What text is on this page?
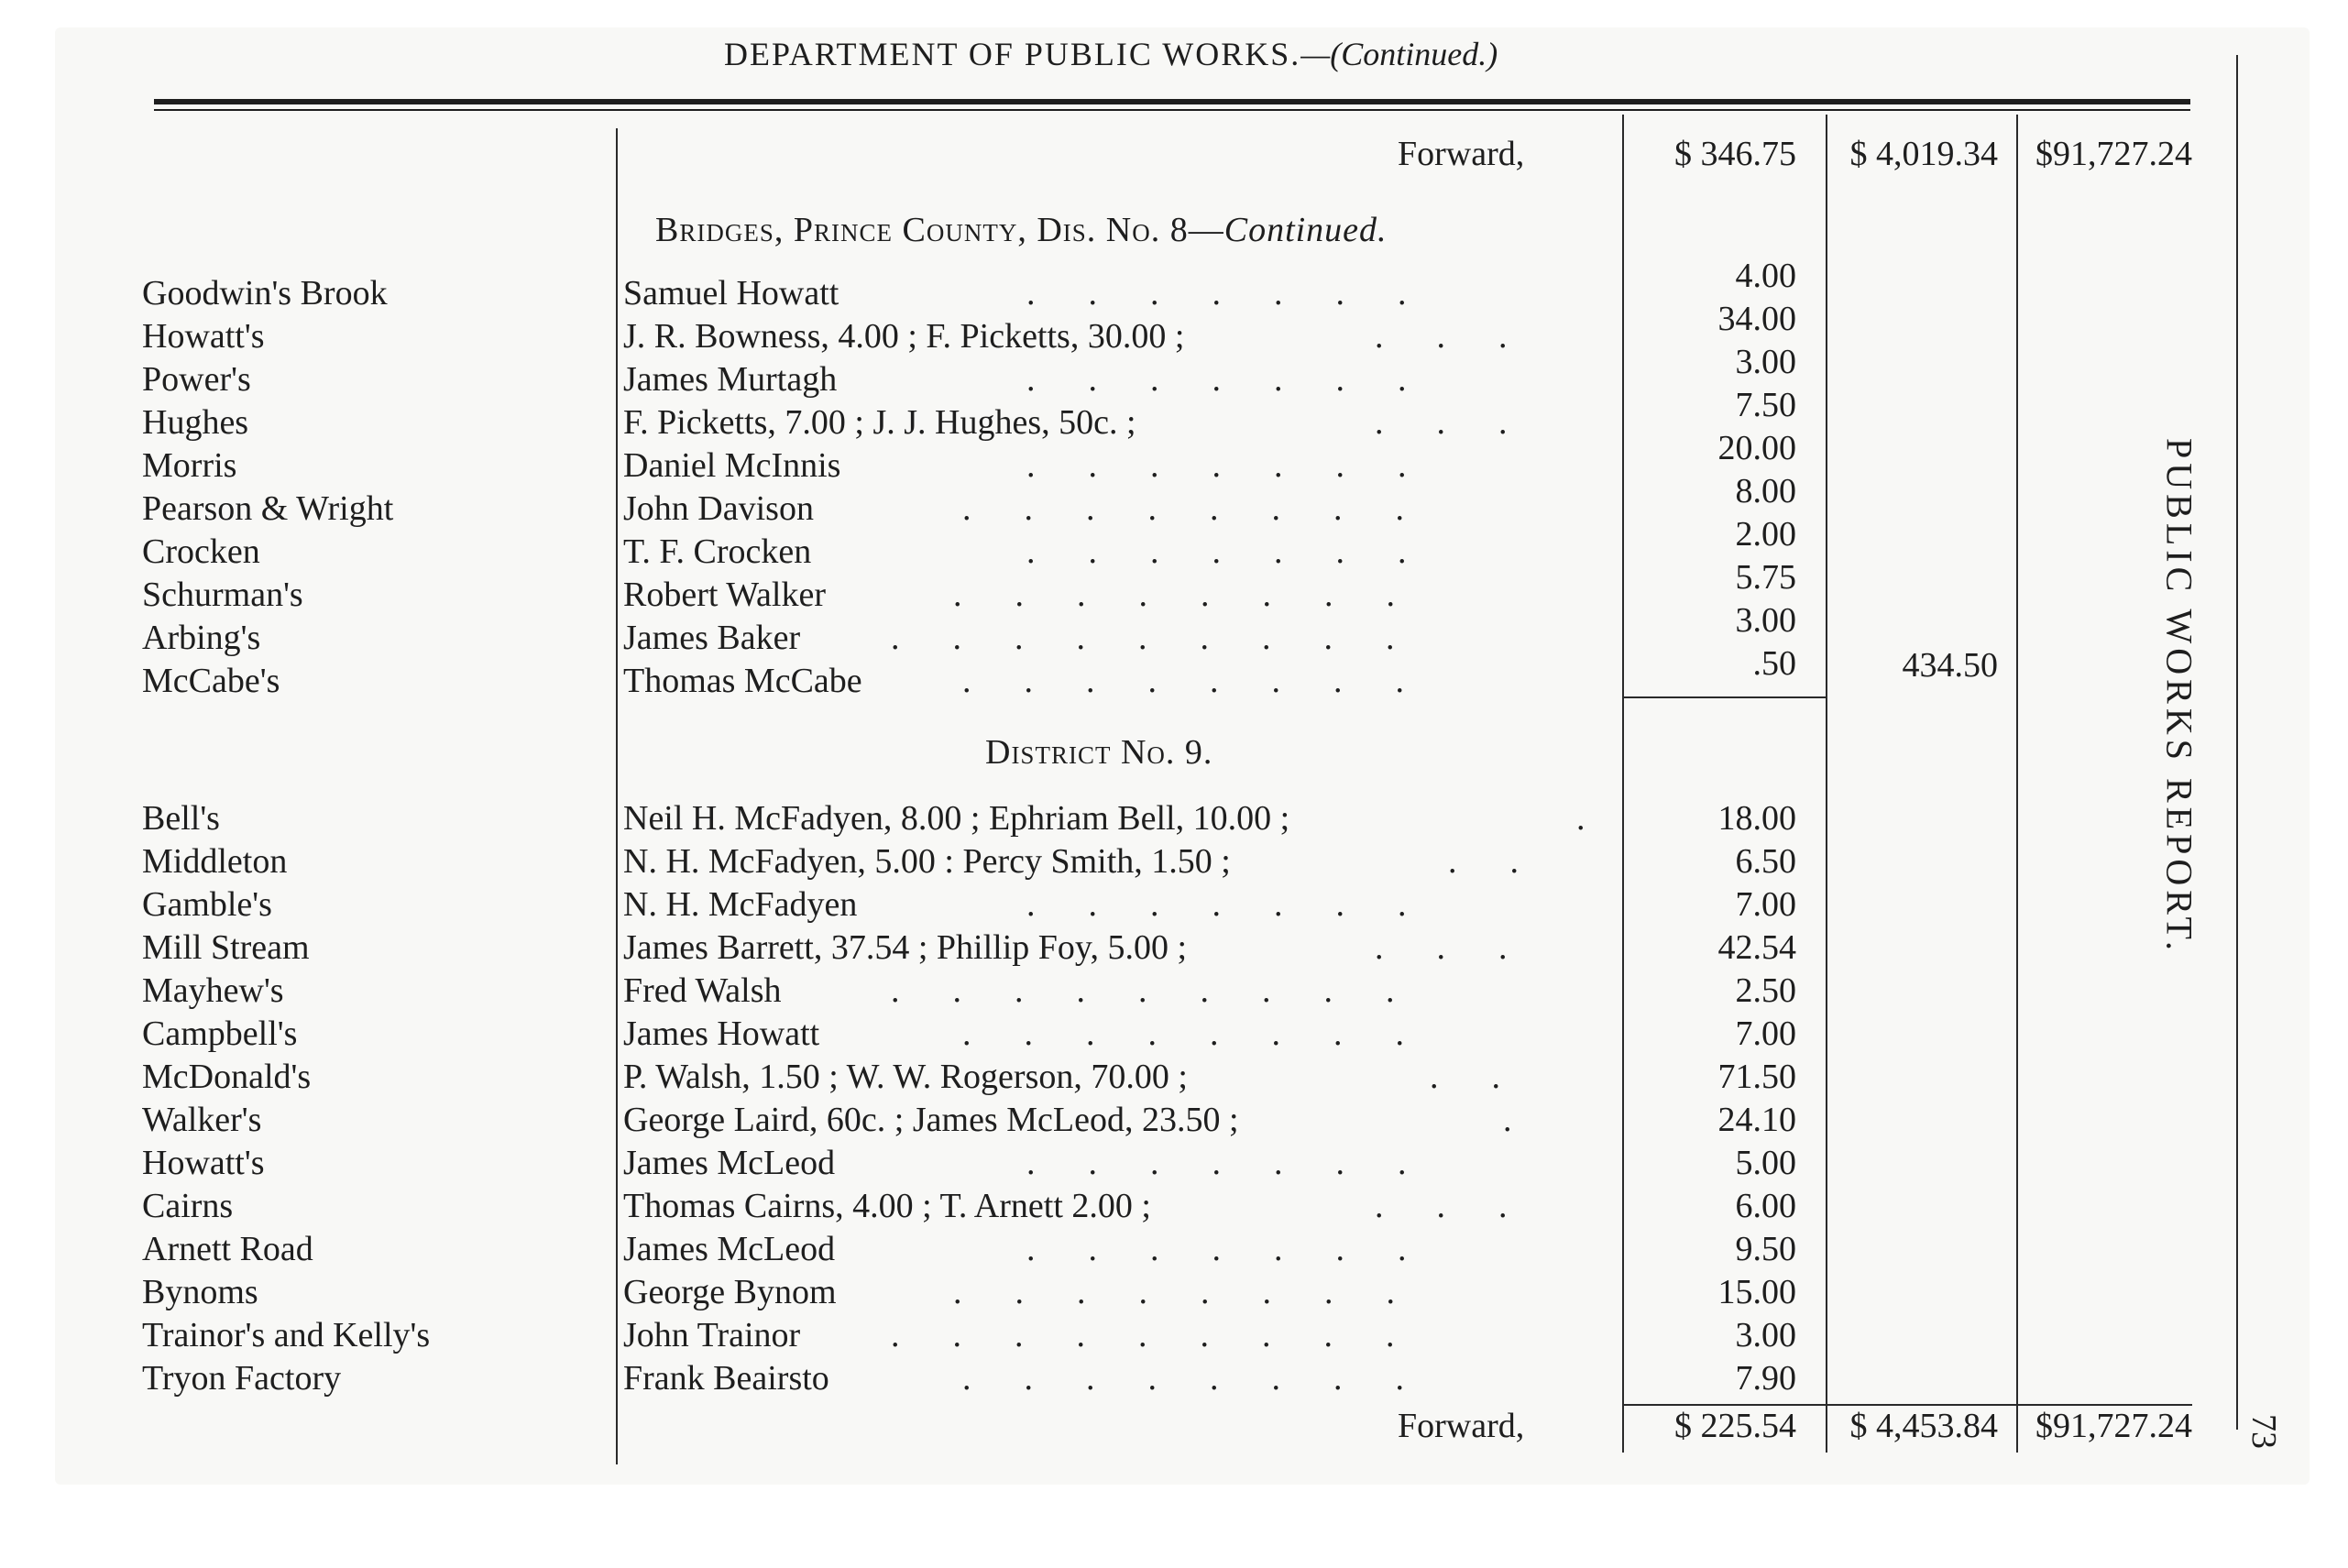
DEPARTMENT OF PUBLIC WORKS.—(Continued.)
Forward,	$ 346.75	$ 4,019.34	$91,727.24
Bridges, Prince County, Dis. No. 8—Continued.
Goodwin's Brook	Samuel Howatt	.......	4.00
Howatt's	J. R. Bowness, 4.00 ; F. Picketts, 30.00 ;	...	34.00
Power's	James Murtagh	.......	3.00
Hughes	F. Picketts, 7.00 ; J. J. Hughes, 50c. ;	...	7.50
Morris	Daniel McInnis	.......	20.00
Pearson & Wright	John Davison	........	8.00
Crocken	T. F. Crocken	.......	2.00
Schurman's	Robert Walker	........	5.75
Arbing's	James Baker	.........	3.00
McCabe's	Thomas McCabe	........	.50	434.50
District No. 9.
Bell's	Neil H. McFadyen, 8.00 ; Ephriam Bell, 10.00 ;	.	18.00
Middleton	N. H. McFadyen, 5.00 : Percy Smith, 1.50 ;	..	6.50
Gamble's	N. H. McFadyen	.......	7.00
Mill Stream	James Barrett, 37.54 ; Phillip Foy, 5.00 ;	...	42.54
Mayhew's	Fred Walsh	.........	2.50
Campbell's	James Howatt	........	7.00
McDonald's	P. Walsh, 1.50 ; W. W. Rogerson, 70.00 ;	..	71.50
Walker's	George Laird, 60c. ; James McLeod, 23.50 ;	.	24.10
Howatt's	James McLeod	.......	5.00
Cairns	Thomas Cairns, 4.00 ; T. Arnett 2.00 ;	...	6.00
Arnett Road	James McLeod	.......	9.50
Bynoms	George Bynom	........	15.00
Trainor's and Kelly's	John Trainor	.........	3.00
Tryon Factory	Frank Beairsto	........	7.90
Forward,	$ 225.54	$ 4,453.84	$91,727.24
PUBLIC WORKS REPORT.
73
